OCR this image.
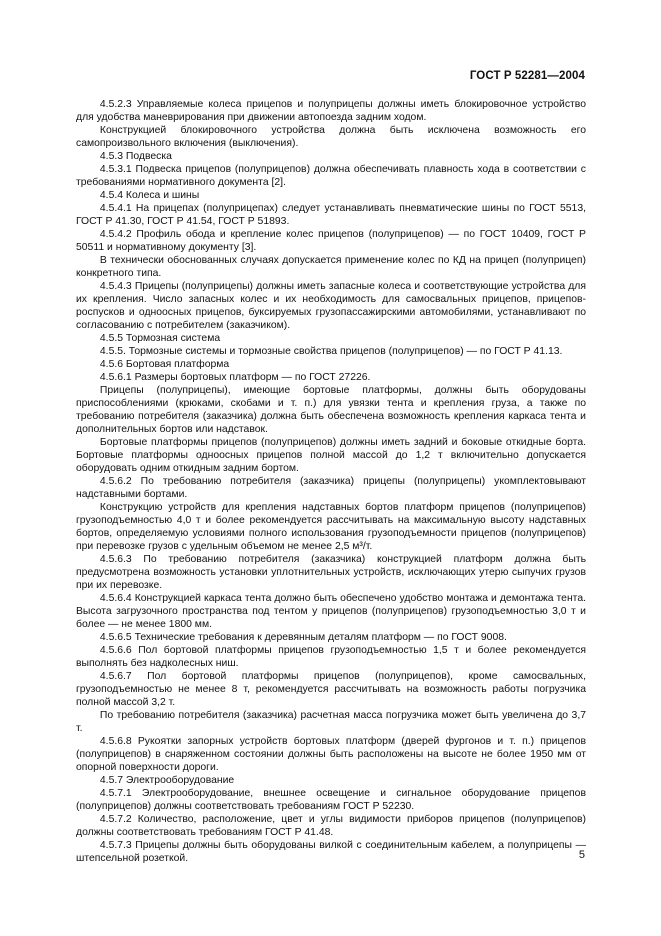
ГОСТ Р 52281—2004

4.5.2.3 Управляемые колеса прицепов и полуприцепы должны иметь блокировочное устройство для удобства маневрирования при движении автопоезда задним ходом.

Конструкцией блокировочного устройства должна быть исключена возможность его самопроизвольного включения (выключения).

4.5.3 Подвеска

4.5.3.1 Подвеска прицепов (полуприцепов) должна обеспечивать плавность хода в соответствии с требованиями нормативного документа [2].

4.5.4 Колеса и шины

4.5.4.1 На прицепах (полуприцепах) следует устанавливать пневматические шины по ГОСТ 5513, ГОСТ Р 41.30, ГОСТ Р 41.54, ГОСТ Р 51893.

4.5.4.2 Профиль обода и крепление колес прицепов (полуприцепов) — по ГОСТ 10409, ГОСТ Р 50511 и нормативному документу [3].

В технически обоснованных случаях допускается применение колес по КД на прицеп (полуприцеп) конкретного типа.

4.5.4.3 Прицепы (полуприцепы) должны иметь запасные колеса и соответствующие устройства для их крепления. Число запасных колес и их необходимость для самосвальных прицепов, прицепов-роспусков и одноосных прицепов, буксируемых грузопассажирскими автомобилями, устанавливают по согласованию с потребителем (заказчиком).

4.5.5 Тормозная система

4.5.5. Тормозные системы и тормозные свойства прицепов (полуприцепов) — по ГОСТ Р 41.13.

4.5.6 Бортовая платформа

4.5.6.1 Размеры бортовых платформ — по ГОСТ 27226.

Прицепы (полуприцепы), имеющие бортовые платформы, должны быть оборудованы приспособлениями (крюками, скобами и т. п.) для увязки тента и крепления груза, а также по требованию потребителя (заказчика) должна быть обеспечена возможность крепления каркаса тента и дополнительных бортов или надставок.

Бортовые платформы прицепов (полуприцепов) должны иметь задний и боковые откидные борта. Бортовые платформы одноосных прицепов полной массой до 1,2 т включительно допускается оборудовать одним откидным задним бортом.

4.5.6.2 По требованию потребителя (заказчика) прицепы (полуприцепы) укомплектовывают надставными бортами.

Конструкцию устройств для крепления надставных бортов платформ прицепов (полуприцепов) грузоподъемностью 4,0 т и более рекомендуется рассчитывать на максимальную высоту надставных бортов, определяемую условиями полного использования грузоподъемности прицепов (полуприцепов) при перевозке грузов с удельным объемом не менее 2,5 м³/т.

4.5.6.3 По требованию потребителя (заказчика) конструкцией платформ должна быть предусмотрена возможность установки уплотнительных устройств, исключающих утерю сыпучих грузов при их перевозке.

4.5.6.4 Конструкцией каркаса тента должно быть обеспечено удобство монтажа и демонтажа тента. Высота загрузочного пространства под тентом у прицепов (полуприцепов) грузоподъемностью 3,0 т и более — не менее 1800 мм.

4.5.6.5 Технические требования к деревянным деталям платформ — по ГОСТ 9008.

4.5.6.6 Пол бортовой платформы прицепов грузоподъемностью 1,5 т и более рекомендуется выполнять без надколесных ниш.

4.5.6.7 Пол бортовой платформы прицепов (полуприцепов), кроме самосвальных, грузоподъемностью не менее 8 т, рекомендуется рассчитывать на возможность работы погрузчика полной массой 3,2 т.

По требованию потребителя (заказчика) расчетная масса погрузчика может быть увеличена до 3,7 т.

4.5.6.8 Рукоятки запорных устройств бортовых платформ (дверей фургонов и т. п.) прицепов (полуприцепов) в снаряженном состоянии должны быть расположены на высоте не более 1950 мм от опорной поверхности дороги.

4.5.7 Электрооборудование

4.5.7.1 Электрооборудование, внешнее освещение и сигнальное оборудование прицепов (полуприцепов) должны соответствовать требованиям ГОСТ Р 52230.

4.5.7.2 Количество, расположение, цвет и углы видимости приборов прицепов (полуприцепов) должны соответствовать требованиям ГОСТ Р 41.48.

4.5.7.3 Прицепы должны быть оборудованы вилкой с соединительным кабелем, а полуприцепы — штепсельной розеткой.	5
